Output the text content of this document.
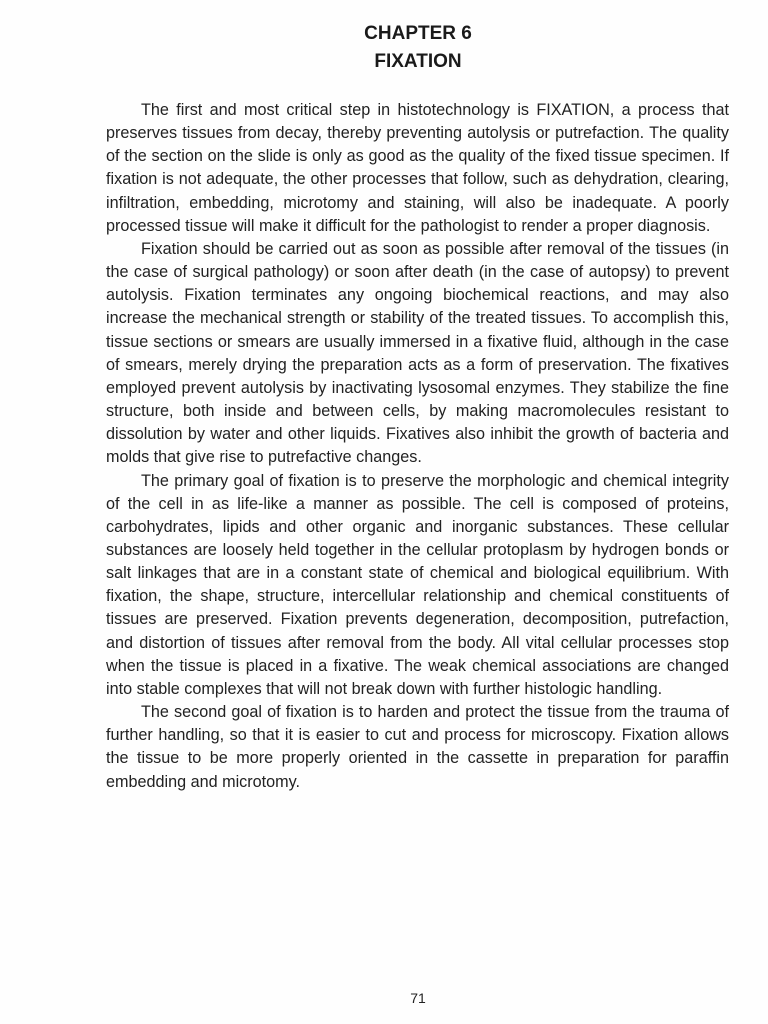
CHAPTER 6
FIXATION

The first and most critical step in histotechnology is FIXATION, a process that preserves tissues from decay, thereby preventing autolysis or putrefaction. The quality of the section on the slide is only as good as the quality of the fixed tissue specimen. If fixation is not adequate, the other processes that follow, such as dehydration, clearing, infiltration, embedding, microtomy and staining, will also be inadequate. A poorly processed tissue will make it difficult for the pathologist to render a proper diagnosis.

Fixation should be carried out as soon as possible after removal of the tissues (in the case of surgical pathology) or soon after death (in the case of autopsy) to prevent autolysis. Fixation terminates any ongoing biochemical reactions, and may also increase the mechanical strength or stability of the treated tissues. To accomplish this, tissue sections or smears are usually immersed in a fixative fluid, although in the case of smears, merely drying the preparation acts as a form of preservation. The fixatives employed prevent autolysis by inactivating lysosomal enzymes. They stabilize the fine structure, both inside and between cells, by making macromolecules resistant to dissolution by water and other liquids. Fixatives also inhibit the growth of bacteria and molds that give rise to putrefactive changes.

The primary goal of fixation is to preserve the morphologic and chemical integrity of the cell in as life-like a manner as possible. The cell is composed of proteins, carbohydrates, lipids and other organic and inorganic substances. These cellular substances are loosely held together in the cellular protoplasm by hydrogen bonds or salt linkages that are in a constant state of chemical and biological equilibrium. With fixation, the shape, structure, intercellular relationship and chemical constituents of tissues are preserved. Fixation prevents degeneration, decomposition, putrefaction, and distortion of tissues after removal from the body. All vital cellular processes stop when the tissue is placed in a fixative. The weak chemical associations are changed into stable complexes that will not break down with further histologic handling.

The second goal of fixation is to harden and protect the tissue from the trauma of further handling, so that it is easier to cut and process for microscopy. Fixation allows the tissue to be more properly oriented in the cassette in preparation for paraffin embedding and microtomy.

71
